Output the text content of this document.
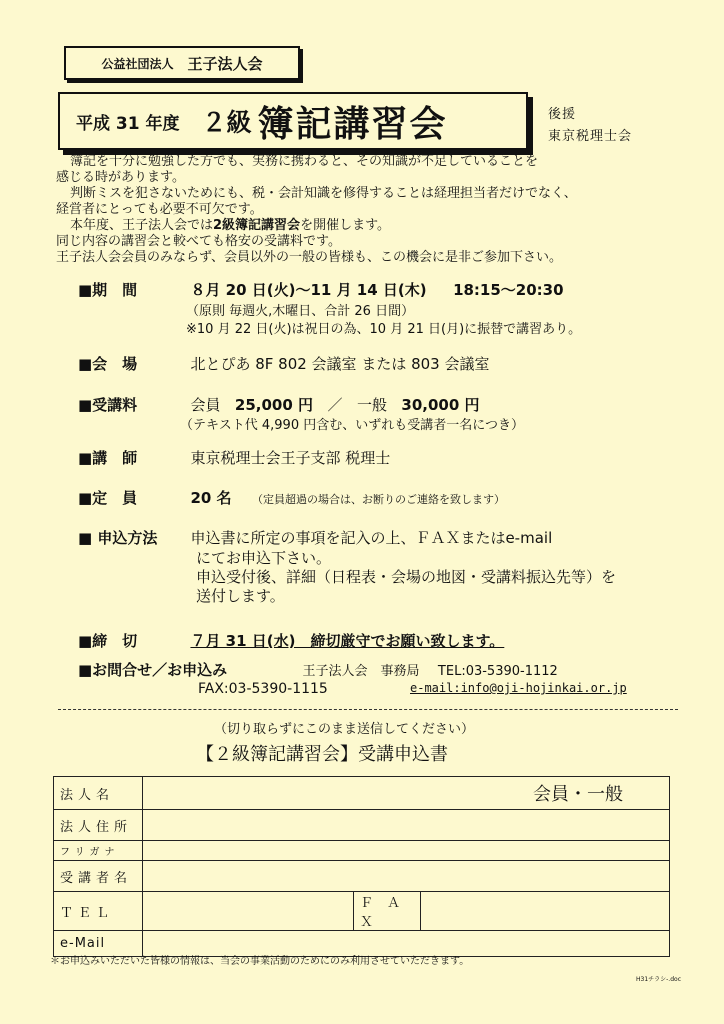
公益社団法人 王子法人会
平成 31 年度 ２級 簿記講習会	後援
東京税理士会

簿記を十分に勉強した方でも、実務に携わると、その知識が不足していることを

感じる時があります。

判断ミスを犯さないためにも、税・会計知識を修得することは経理担当者だけでなく、

経営者にとっても必要不可欠です。

本年度、王子法人会では2級簿記講習会を開催します。

同じ内容の講習会と較べても格安の受講料です。

王子法人会会員のみならず、会員以外の一般の皆様も、この機会に是非ご参加下さい。

■期　間	８月 20 日(火)～11 月 14 日(木) 18:15～20:30
（原則 毎週火,木曜日、合計 26 日間）
※10 月 22 日(火)は祝日の為、10 月 21 日(月)に振替で講習あり。
■会　場	北とぴあ 8F 802 会議室 または 803 会議室
■受講料	会員 25,000 円 ／ 一般 30,000 円
（テキスト代 4,990 円含む、いずれも受講者一名につき）
■講　師	東京税理士会王子支部 税理士
■定　員	20 名 （定員超過の場合は、お断りのご連絡を致します）
■ 申込方法 申込書に所定の事項を記入の上、ＦＡＸまたはe-mail
にてお申込下さい。
申込受付後、詳細（日程表・会場の地図・受講料振込先等）を
送付します。
■締　切	７月 31 日(水)　締切厳守でお願い致します。
■お問合せ／お申込み	王子法人会　事務局 TEL:03-5390-1112
FAX:03-5390-1115	e-mail:info@oji-hojinkai.or.jp
（切り取らずにこのまま送信してください）
【２級簿記講習会】受講申込書
法人名	会員・一般		

法人住所			
フリガナ			
受講者名			
ＴＥＬ		ＦＡＸ	
e-Mail			
＊お申込みいただいた皆様の情報は、当会の事業活動のためにのみ利用させていただきます。
H31チラシ-.doc
